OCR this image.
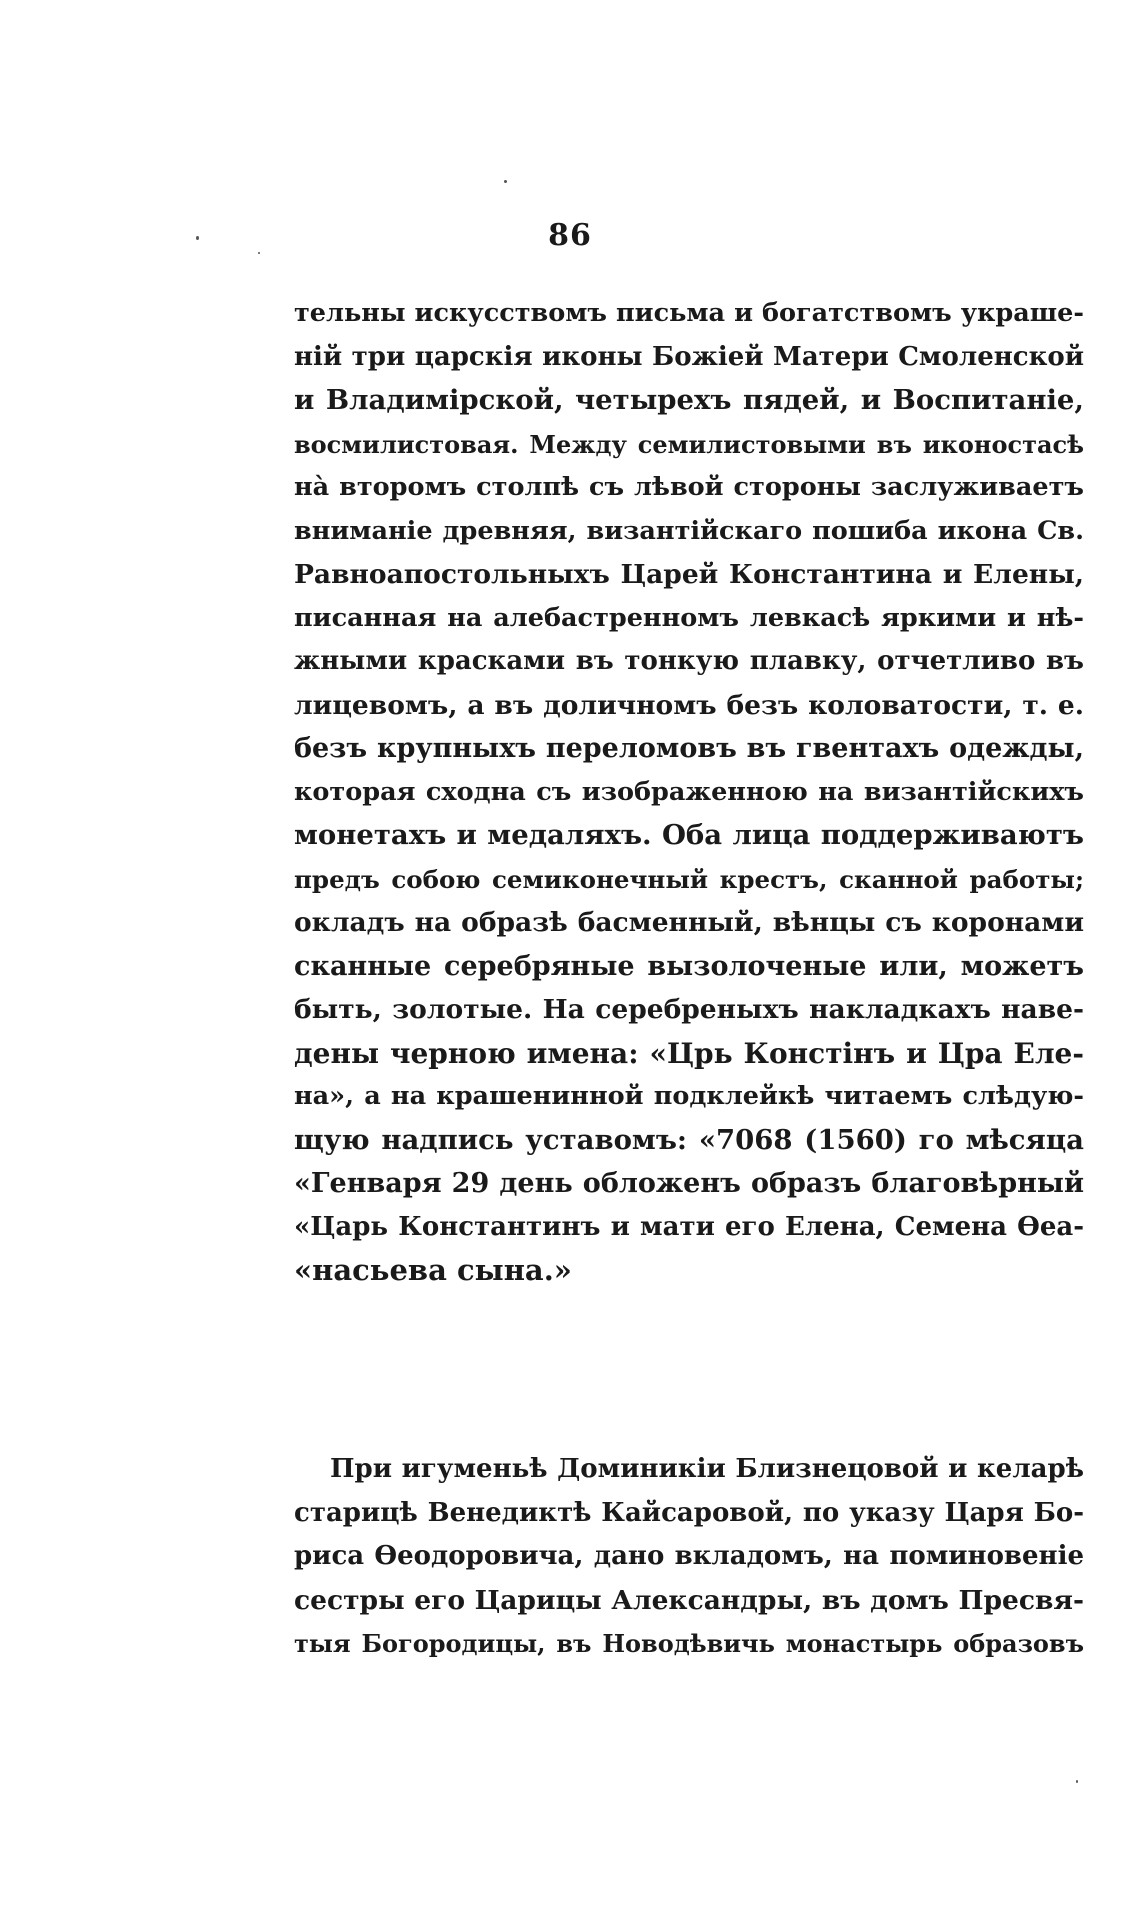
86
тельны искусствомъ письма и богатствомъ украше-
нiй три царскiя иконы Божiей Матери Смоленской
и Владимiрской, четырехъ пядей, и Воспитанiе,
восмилистовая. Между семилистовыми въ иконостасѣ
на̀ второмъ столпѣ съ лѣвой стороны заслуживаетъ
вниманiе древняя, византiйскаго пошиба икона Св.
Равноапостольныхъ Царей Константина и Елены,
писанная на алебастренномъ левкасѣ яркими и нѣ-
жными красками въ тонкую плавку, отчетливо въ
лицевомъ, а въ доличномъ безъ коловатости, т. е.
безъ крупныхъ переломовъ въ гвентахъ одежды,
которая сходна съ изображенною на византiйскихъ
монетахъ и медаляхъ. Оба лица поддерживаютъ
предъ собою семиконечный крестъ, сканной работы;
окладъ на образѣ басменный, вѣнцы съ коронами
сканные серебряные вызолоченые или, можетъ
быть, золотые. На серебреныхъ накладкахъ наве-
дены черною имена: «Црь Констiнъ и Цра Еле-
на», а на крашенинной подклейкѣ читаемъ слѣдую-
щую надпись уставомъ: «7068 (1560) го мѣсяца
«Генваря 29 день обложенъ образъ благовѣрный
«Царь Константинъ и мати его Елена, Семена Ѳеа-
«насьева сына.»
При игуменьѣ Доминикiи Близнецовой и келарѣ
старицѣ Венедиктѣ Кайсаровой, по указу Царя Бо-
риса Ѳеодоровича, дано вкладомъ, на поминовенiе
сестры его Царицы Александры, въ домъ Пресвя-
тыя Богородицы, въ Новодѣвичь монастырь образовъ
